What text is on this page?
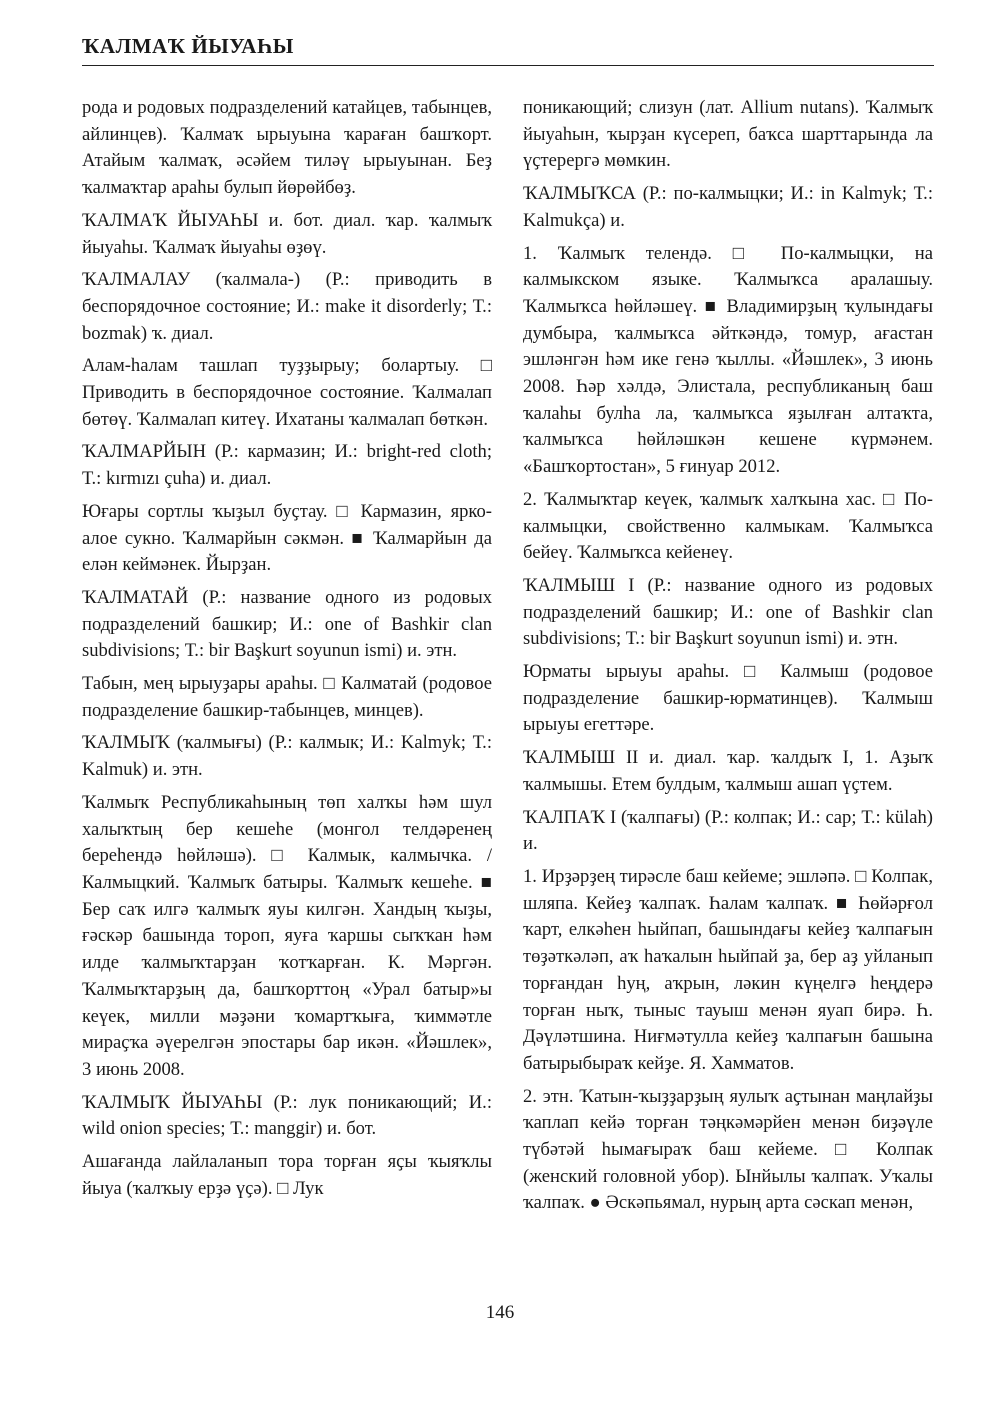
ҠАЛМАҠ ЙЫУАҺЫ

рода и родовых подразделений катайцев, табынцев, айлинцев). Ҡалмаҡ ырыуына ҡараған башҡорт. Атайым ҡалмаҡ, әсәйем тиләү ырыуынан. Беҙ ҡалмаҡтар араһы булып йөрөйбөҙ.

ҠАЛМАҠ ЙЫУАҺЫ и. бот. диал. ҡар. ҡалмыҡ йыуаһы. Ҡалмаҡ йыуаһы өҙөү.

ҠАЛМАЛАУ (ҡалмала-) (Р.: приводить в беспорядочное состояние; И.: make it disorderly; Т.: bozmak) ҡ. диал.

Алам-һалам ташлап туҙҙырыу; болартыу. □ Приводить в беспорядочное состояние. Ҡалмалап бөтөү. Ҡалмалап китеү. Ихатаны ҡалмалап бөткән.

ҠАЛМАРЙЫН (Р.: кармазин; И.: bright-red cloth; Т.: kırmızı çuha) и. диал.

Юғары сортлы ҡыҙыл буҫтау. □ Кармазин, ярко-алое сукно. Ҡалмарйын сәкмән. ■ Ҡалмарйын да елән кеймәнек. Йырҙан.

ҠАЛМАТАЙ (Р.: название одного из родовых подразделений башкир; И.: one of Bashkir clan subdivisions; Т.: bir Başkurt soyunun ismi) и. этн.

Табын, мең ырыуҙары араһы. □ Калматай (родовое подразделение башкир-табынцев, минцев).

ҠАЛМЫҠ (ҡалмығы) (Р.: калмык; И.: Kalmyk; Т.: Kalmuk) и. этн.

Ҡалмыҡ Республикаһының төп халҡы һәм шул халыҡтың бер кешеһе (монгол телдәренең береһендә һөйләшә). □ Калмык, калмычка. / Калмыцкий. Ҡалмыҡ батыры. Ҡалмыҡ кешеһе. ■ Бер саҡ илгә ҡалмыҡ яуы килгән. Хандың ҡыҙы, ғәскәр башында тороп, яуға ҡаршы сыҡҡан һәм илде ҡалмыҡтарҙан ҡотҡарған. К. Мәргән. Ҡалмыҡтарҙың да, башҡорттоң «Урал батыр»ы кеүек, милли мәҙәни ҡомартҡыға, ҡиммәтле мираҫҡа әүерелгән эпостары бар икән. «Йәшлек», 3 июнь 2008.

ҠАЛМЫҠ ЙЫУАҺЫ (Р.: лук поникающий; И.: wild onion species; Т.: manggir) и. бот.

Ашағанда лайлаланып тора торған яҫы ҡыяҡлы йыуа (ҡалҡыу ерҙә үҫә). □ Лук

поникающий; слизун (лат. Allium nutans). Ҡалмыҡ йыуаһын, ҡырҙан күсереп, баҡса шарттарында ла үҫтерергә мөмкин.

ҠАЛМЫҠСА (Р.: по-калмыцки; И.: in Kalmyk; Т.: Kalmukça) и.

1. Ҡалмыҡ телендә. □ По-калмыцки, на калмыкском языке. Ҡалмыҡса аралашыу. Ҡалмыҡса һөйләшеү. ■ Владимирҙың ҡулындағы думбыра, ҡалмыҡса әйткәндә, томур, ағастан эшләнгән һәм ике генә ҡыллы. «Йәшлек», 3 июнь 2008. Һәр хәлдә, Элистала, республиканың баш ҡалаһы булһа ла, ҡалмыҡса яҙылған алтаҡта, ҡалмыҡса һөйләшкән кешене күрмәнем. «Башҡортостан», 5 ғинуар 2012.

2. Ҡалмыҡтар кеүек, ҡалмыҡ халҡына хас. □ По-калмыцки, свойственно калмыкам. Ҡалмыҡса бейеү. Ҡалмыҡса кейенеү.

ҠАЛМЫШ I (Р.: название одного из родовых подразделений башкир; И.: one of Bashkir clan subdivisions; Т.: bir Başkurt soyunun ismi) и. этн.

Юрматы ырыуы араһы. □ Калмыш (родовое подразделение башкир-юрматинцев). Ҡалмыш ырыуы егеттәре.

ҠАЛМЫШ II и. диал. ҡар. ҡалдыҡ I, 1. Аҙыҡ ҡалмышы. Етем булдым, ҡалмыш ашап үҫтем.

ҠАЛПАҠ I (ҡалпағы) (Р.: колпак; И.: cap; Т.: külah) и.

1. Ирҙәрҙең тирәсле баш кейеме; эшләпә. □ Колпак, шляпа. Кейеҙ ҡалпаҡ. Һалам ҡалпаҡ. ■ Һөйәрғол ҡарт, елкәһен һыйпап, башындағы кейеҙ ҡалпағын төҙәткәләп, аҡ һаҡалын һыйпай ҙа, бер аҙ уйланып торғандан һуң, аҡрын, ләкин күңелгә һеңдерә торған ныҡ, тыныс тауыш менән яуап бирә. Һ. Дәүләтшина. Ниғмәтулла кейеҙ ҡалпағын башына батырыбыраҡ кейҙе. Я. Хамматов.

2. этн. Ҡатын-ҡыҙҙарҙың яулыҡ аҫтынан маңлайҙы ҡаплап кейә торған тәңкәмәрйен менән биҙәүле түбәтәй һымағыраҡ баш кейеме. □ Колпак (женский головной убор). Ынйылы ҡалпаҡ. Уҡалы ҡалпаҡ. ● Әскәпьямал, нурың арта сәскап менән,

146
